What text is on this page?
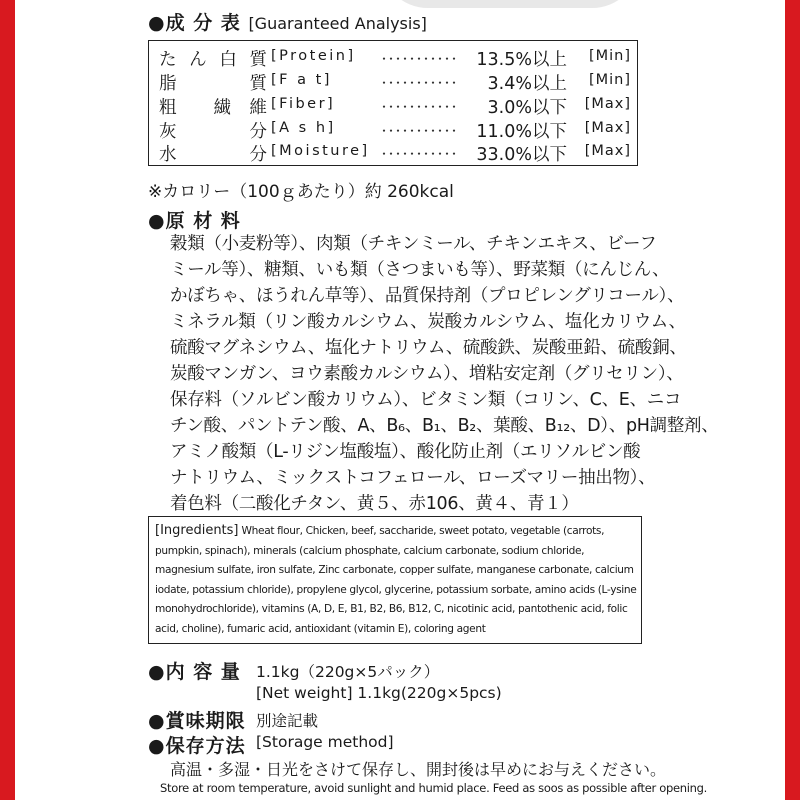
●成 分 表 [Guaranteed Analysis]
た ん 白 質 [Protein] ･･･････････ 13.5%以上 [Min]
脂	質 [F a t]	･･･････････ 3.4%以上 [Min]
粗 繊 維 [Fiber]	･･･････････ 3.0%以下 [Max]
灰	分 [A s h]	･･･････････ 11.0%以下 [Max]
水	分 [Moisture] ･･･････････ 33.0%以下 [Max]
※カロリー（100ｇあたり）約 260kcal
●原 材 料
穀類（小麦粉等）、肉類（チキンミール、チキンエキス、ビーフ
ミール等）、糖類、いも類（さつまいも等）、野菜類（にんじん、
かぼちゃ、ほうれん草等）、品質保持剤（プロピレングリコール）、
ミネラル類（リン酸カルシウム、炭酸カルシウム、塩化カリウム、
硫酸マグネシウム、塩化ナトリウム、硫酸鉄、炭酸亜鉛、硫酸銅、
炭酸マンガン、ヨウ素酸カルシウム）、増粘安定剤（グリセリン）、
保存料（ソルビン酸カリウム）、ビタミン類（コリン、C、E、ニコ
チン酸、パントテン酸、A、B₆、B₁、B₂、葉酸、B₁₂、D）、pH調整剤、
アミノ酸類（L-リジン塩酸塩）、酸化防止剤（エリソルビン酸
ナトリウム、ミックストコフェロール、ローズマリー抽出物）、
着色料（二酸化チタン、黄５、赤106、黄４、青１）
[Ingredients] Wheat flour, Chicken, beef, saccharide, sweet potato, vegetable (carrots,
pumpkin, spinach), minerals (calcium phosphate, calcium carbonate, sodium chloride,
magnesium sulfate, iron sulfate, Zinc carbonate, copper sulfate, manganese carbonate, calcium
iodate, potassium chloride), propylene glycol, glycerine, potassium sorbate, amino acids (L-ysine
monohydrochloride), vitamins (A, D, E, B1, B2, B6, B12, C, nicotinic acid, pantothenic acid, folic
acid, choline), fumaric acid, antioxidant (vitamin E), coloring agent
●内 容 量 1.1kg（220g×5パック）
[Net weight] 1.1kg(220g×5pcs)
●賞味期限 別途記載
●保存方法 [Storage method]
高温・多湿・日光をさけて保存し、開封後は早めにお与えください。
Store at room temperature, avoid sunlight and humid place. Feed as soos as possible after opening.
